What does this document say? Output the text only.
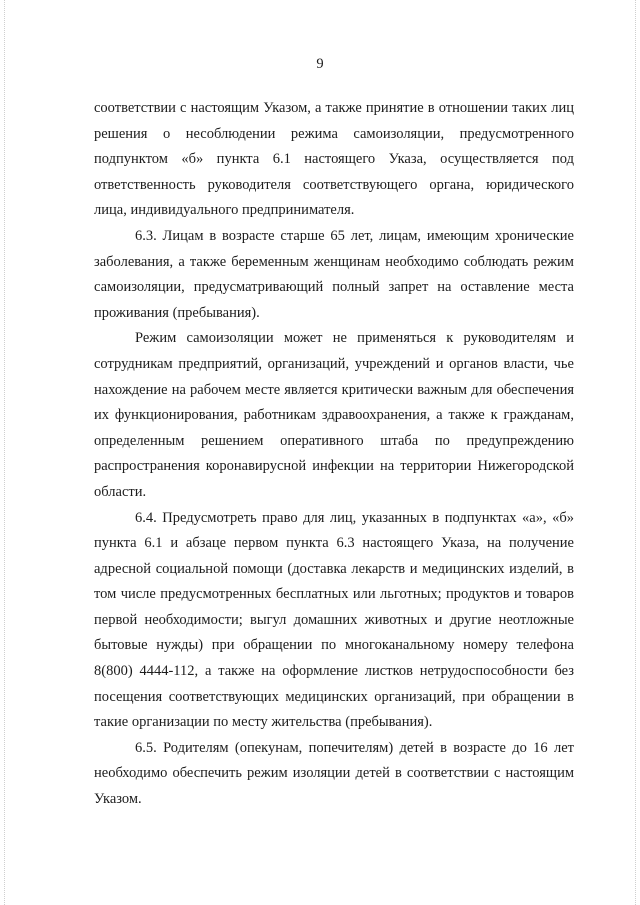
9

соответствии с настоящим Указом, а также принятие в отношении таких лиц решения о несоблюдении режима самоизоляции, предусмотренного подпунктом «б» пункта 6.1 настоящего Указа, осуществляется под ответственность руководителя соответствующего органа, юридического лица, индивидуального предпринимателя.

6.3. Лицам в возрасте старше 65 лет, лицам, имеющим хронические заболевания, а также беременным женщинам необходимо соблюдать режим самоизоляции, предусматривающий полный запрет на оставление места проживания (пребывания).

Режим самоизоляции может не применяться к руководителям и сотрудникам предприятий, организаций, учреждений и органов власти, чье нахождение на рабочем месте является критически важным для обеспечения их функционирования, работникам здравоохранения, а также к гражданам, определенным решением оперативного штаба по предупреждению распространения коронавирусной инфекции на территории Нижегородской области.

6.4. Предусмотреть право для лиц, указанных в подпунктах «а», «б» пункта 6.1 и абзаце первом пункта 6.3 настоящего Указа, на получение адресной социальной помощи (доставка лекарств и медицинских изделий, в том числе предусмотренных бесплатных или льготных; продуктов и товаров первой необходимости; выгул домашних животных и другие неотложные бытовые нужды) при обращении по многоканальному номеру телефона 8(800) 4444-112, а также на оформление листков нетрудоспособности без посещения соответствующих медицинских организаций, при обращении в такие организации по месту жительства (пребывания).

6.5. Родителям (опекунам, попечителям) детей в возрасте до 16 лет необходимо обеспечить режим изоляции детей в соответствии с настоящим Указом.
